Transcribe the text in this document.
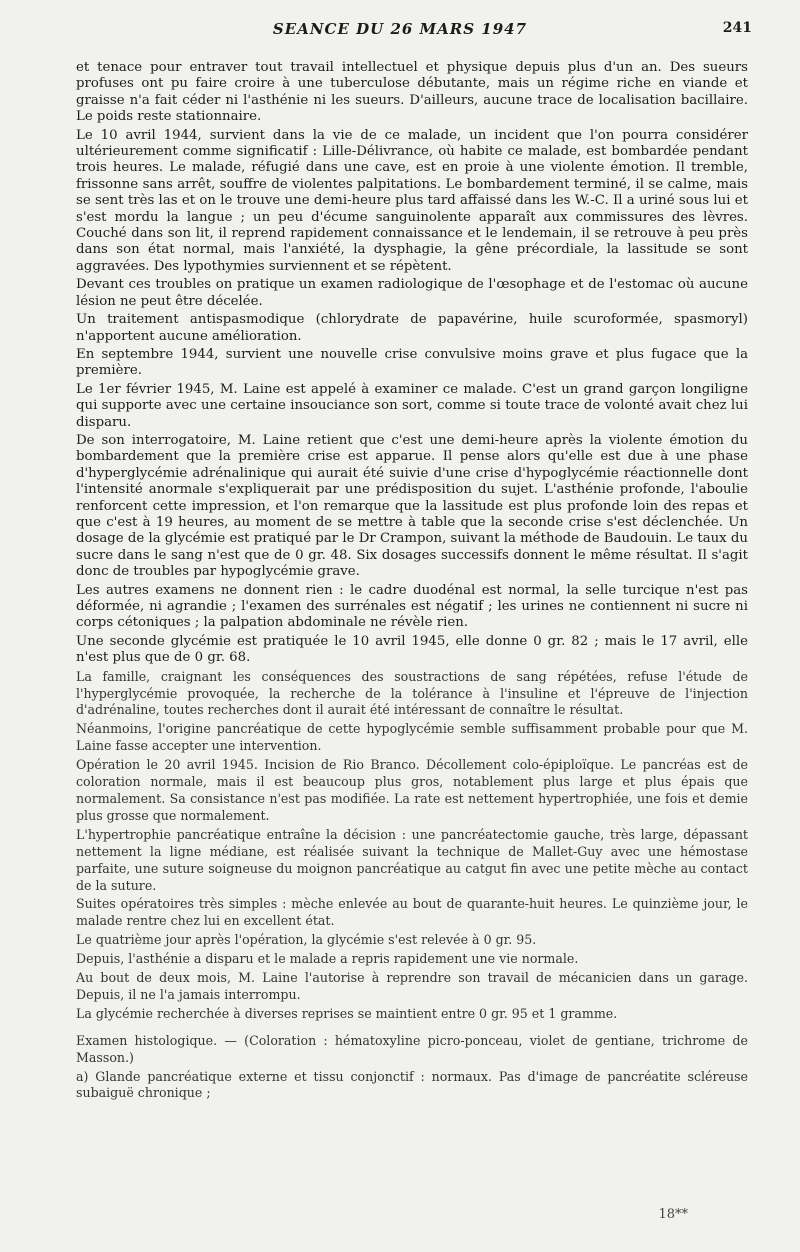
SEANCE DU 26 MARS 1947	241

et tenace pour entraver tout travail intellectuel et physique depuis plus d'un an. Des sueurs profuses ont pu faire croire à une tuberculose débutante, mais un régime riche en viande et graisse n'a fait céder ni l'asthénie ni les sueurs. D'ailleurs, aucune trace de localisation bacillaire. Le poids reste stationnaire.

Le 10 avril 1944, survient dans la vie de ce malade, un incident que l'on pourra considérer ultérieurement comme significatif : Lille-Délivrance, où habite ce malade, est bombardée pendant trois heures. Le malade, réfugié dans une cave, est en proie à une violente émotion. Il tremble, frissonne sans arrêt, souffre de violentes palpitations. Le bombardement terminé, il se calme, mais se sent très las et on le trouve une demi-heure plus tard affaissé dans les W.-C. Il a uriné sous lui et s'est mordu la langue ; un peu d'écume sanguinolente apparaît aux commissures des lèvres. Couché dans son lit, il reprend rapidement connaissance et le lendemain, il se retrouve à peu près dans son état normal, mais l'anxiété, la dysphagie, la gêne précordiale, la lassitude se sont aggravées. Des lypothymies surviennent et se répètent.

Devant ces troubles on pratique un examen radiologique de l'œsophage et de l'estomac où aucune lésion ne peut être décelée.

Un traitement antispasmodique (chlorydrate de papavérine, huile scuroformée, spasmoryl) n'apportent aucune amélioration.

En septembre 1944, survient une nouvelle crise convulsive moins grave et plus fugace que la première.

Le 1er février 1945, M. Laine est appelé à examiner ce malade. C'est un grand garçon longiligne qui supporte avec une certaine insouciance son sort, comme si toute trace de volonté avait chez lui disparu.

De son interrogatoire, M. Laine retient que c'est une demi-heure après la violente émotion du bombardement que la première crise est apparue. Il pense alors qu'elle est due à une phase d'hyperglycémie adrénalinique qui aurait été suivie d'une crise d'hypoglycémie réactionnelle dont l'intensité anormale s'expliquerait par une prédisposition du sujet. L'asthénie profonde, l'aboulie renforcent cette impression, et l'on remarque que la lassitude est plus profonde loin des repas et que c'est à 19 heures, au moment de se mettre à table que la seconde crise s'est déclenchée. Un dosage de la glycémie est pratiqué par le Dr Crampon, suivant la méthode de Baudouin. Le taux du sucre dans le sang n'est que de 0 gr. 48. Six dosages successifs donnent le même résultat. Il s'agit donc de troubles par hypoglycémie grave.

Les autres examens ne donnent rien : le cadre duodénal est normal, la selle turcique n'est pas déformée, ni agrandie ; l'examen des surrénales est négatif ; les urines ne contiennent ni sucre ni corps cétoniques ; la palpation abdominale ne révèle rien.

Une seconde glycémie est pratiquée le 10 avril 1945, elle donne 0 gr. 82 ; mais le 17 avril, elle n'est plus que de 0 gr. 68.

La famille, craignant les conséquences des soustractions de sang répétées, refuse l'étude de l'hyperglycémie provoquée, la recherche de la tolérance à l'insuline et l'épreuve de l'injection d'adrénaline, toutes recherches dont il aurait été intéressant de connaître le résultat.

Néanmoins, l'origine pancréatique de cette hypoglycémie semble suffisamment probable pour que M. Laine fasse accepter une intervention.

Opération le 20 avril 1945. Incision de Rio Branco. Décollement colo-épiploïque. Le pancréas est de coloration normale, mais il est beaucoup plus gros, notablement plus large et plus épais que normalement. Sa consistance n'est pas modifiée. La rate est nettement hypertrophiée, une fois et demie plus grosse que normalement.

L'hypertrophie pancréatique entraîne la décision : une pancréatectomie gauche, très large, dépassant nettement la ligne médiane, est réalisée suivant la technique de Mallet-Guy avec une hémostase parfaite, une suture soigneuse du moignon pancréatique au catgut fin avec une petite mèche au contact de la suture.

Suites opératoires très simples : mèche enlevée au bout de quarante-huit heures. Le quinzième jour, le malade rentre chez lui en excellent état.

Le quatrième jour après l'opération, la glycémie s'est relevée à 0 gr. 95.

Depuis, l'asthénie a disparu et le malade a repris rapidement une vie normale.

Au bout de deux mois, M. Laine l'autorise à reprendre son travail de mécanicien dans un garage. Depuis, il ne l'a jamais interrompu.

La glycémie recherchée à diverses reprises se maintient entre 0 gr. 95 et 1 gramme.

Examen histologique. — (Coloration : hématoxyline picro-ponceau, violet de gentiane, trichrome de Masson.)

a) Glande pancréatique externe et tissu conjonctif : normaux. Pas d'image de pancréatite scléreuse subaiguë chronique ;

18**
